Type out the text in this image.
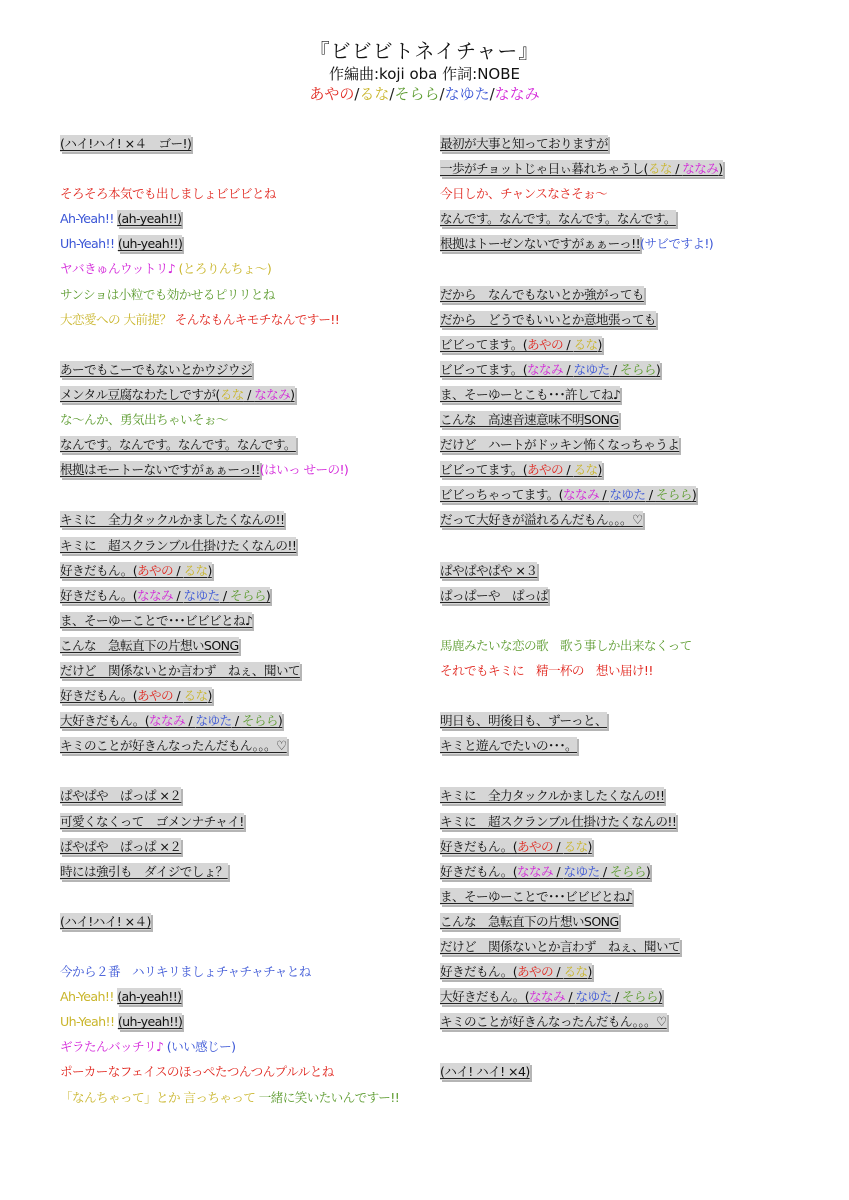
『ビビビトネイチャー』
作編曲:koji oba 作詞:NOBE
あやの/るな/そらら/なゆた/ななみ
(ハイ!ハイ! ×４　ゴー!)
そろそろ本気でも出しましょビビビとね
Ah-Yeah!! (ah-yeah!!)
Uh-Yeah!! (uh-yeah!!)
ヤバきゅんウットリ♪ (とろりんちょ〜)
サンショは小粒でも効かせるピリリとね
大恋愛への 大前提？ そんなもんキモチなんですー!!
あーでもこーでもないとかウジウジ
メンタル豆腐なわたしですが(るな / ななみ)
な〜んか、勇気出ちゃいそぉ〜
なんです。なんです。なんです。なんです。
根拠はモートーないですがぁぁーっ!!(はいっ せーの!)
キミに　全力タックルかましたくなんの!!
キミに　超スクランブル仕掛けたくなんの!!
好きだもん。(あやの / るな)
好きだもん。(ななみ / なゆた / そらら)
ま、そーゆーことで･･･ビビビとね♪
こんな　急転直下の片想いSONG
だけど　関係ないとか言わず　ねぇ、聞いて
好きだもん。(あやの / るな)
大好きだもん。(ななみ / なゆた / そらら)
キミのことが好きんなったんだもん。。。♡
ぱやぱや　ぱっぱ ×２
可愛くなくって　ゴメンナチャイ!
ぱやぱや　ぱっぱ ×２
時には強引も　ダイジでしょ？
(ハイ!ハイ! ×４)
今から２番　ハリキリましょチャチャチャとね
Ah-Yeah!! (ah-yeah!!)
Uh-Yeah!! (uh-yeah!!)
ギラたんバッチリ♪ (いい感じー)
ポーカーなフェイスのほっぺたつんつんプルルとね
「なんちゃって」とか 言っちゃって 一緒に笑いたいんですー!!
最初が大事と知っておりますが
一歩がチョットじゃ日ぃ暮れちゃうし(るな / ななみ)
今日しか、チャンスなさそぉ〜
なんです。なんです。なんです。なんです。
根拠はトーゼンないですがぁぁーっ!!(サビですよ!)
だから　なんでもないとか強がっても
だから　どうでもいいとか意地張っても
ビビってます。(あやの / るな)
ビビってます。(ななみ / なゆた / そらら)
ま、そーゆーとこも･･･許してね♪
こんな　高速音速意味不明SONG
だけど　ハートがドッキン怖くなっちゃうよ
ビビってます。(あやの / るな)
ビビっちゃってます。(ななみ / なゆた / そらら)
だって大好きが溢れるんだもん。。。♡
ぱやぱやぱや ×３
ぱっぱーや　ぱっぱ
馬鹿みたいな恋の歌　歌う事しか出来なくって
それでもキミに　精一杯の　想い届け!!
明日も、明後日も、ずーっと、
キミと遊んでたいの･･･。
キミに　全力タックルかましたくなんの!!
キミに　超スクランブル仕掛けたくなんの!!
好きだもん。(あやの / るな)
好きだもん。(ななみ / なゆた / そらら)
ま、そーゆーことで･･･ビビビとね♪
こんな　急転直下の片想いSONG
だけど　関係ないとか言わず　ねぇ、聞いて
好きだもん。(あやの / るな)
大好きだもん。(ななみ / なゆた / そらら)
キミのことが好きんなったんだもん。。。♡
(ハイ! ハイ! ×4)
